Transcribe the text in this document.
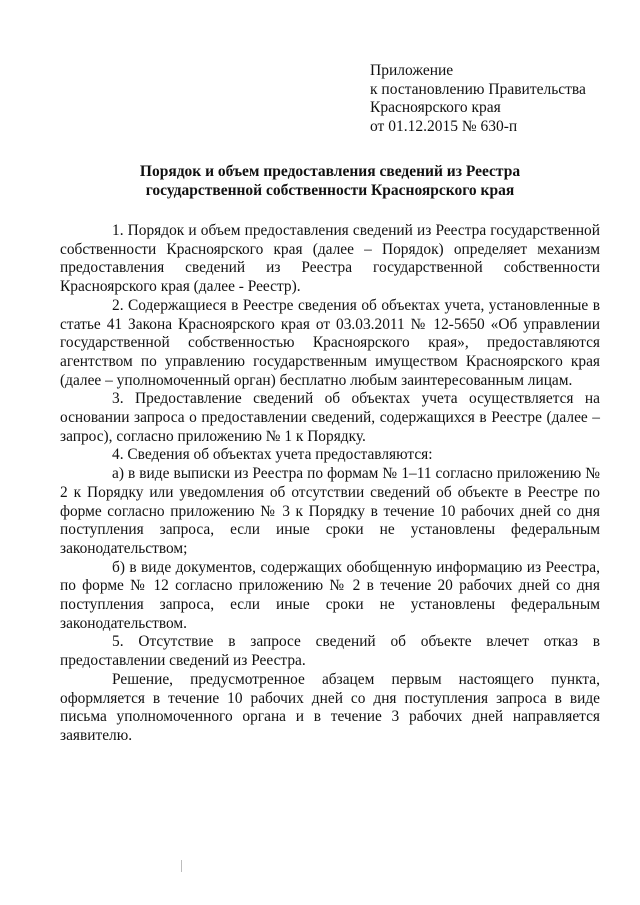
Приложение
к постановлению Правительства
Красноярского края
от 01.12.2015 № 630-п
Порядок и объем предоставления сведений из Реестра
государственной собственности Красноярского края

1. Порядок и объем предоставления сведений из Реестра государственной собственности Красноярского края (далее – Порядок) определяет механизм предоставления сведений из Реестра государственной собственности Красноярского края (далее - Реестр).

2. Содержащиеся в Реестре сведения об объектах учета, установленные в статье 41 Закона Красноярского края от 03.03.2011 № 12-5650 «Об управлении государственной собственностью Красноярского края», предоставляются агентством по управлению государственным имуществом Красноярского края (далее – уполномоченный орган) бесплатно любым заинтересованным лицам.

3. Предоставление сведений об объектах учета осуществляется на основании запроса о предоставлении сведений, содержащихся в Реестре (далее – запрос), согласно приложению № 1 к Порядку.

4. Сведения об объектах учета предоставляются:

а) в виде выписки из Реестра по формам № 1–11 согласно приложению № 2 к Порядку или уведомления об отсутствии сведений об объекте в Реестре по форме согласно приложению № 3 к Порядку в течение 10 рабочих дней со дня поступления запроса, если иные сроки не установлены федеральным законодательством;

б) в виде документов, содержащих обобщенную информацию из Реестра, по форме № 12 согласно приложению № 2 в течение 20 рабочих дней со дня поступления запроса, если иные сроки не установлены федеральным законодательством.

5. Отсутствие в запросе сведений об объекте влечет отказ в предоставлении сведений из Реестра.

Решение, предусмотренное абзацем первым настоящего пункта, оформляется в течение 10 рабочих дней со дня поступления запроса в виде письма уполномоченного органа и в течение 3 рабочих дней направляется заявителю.
